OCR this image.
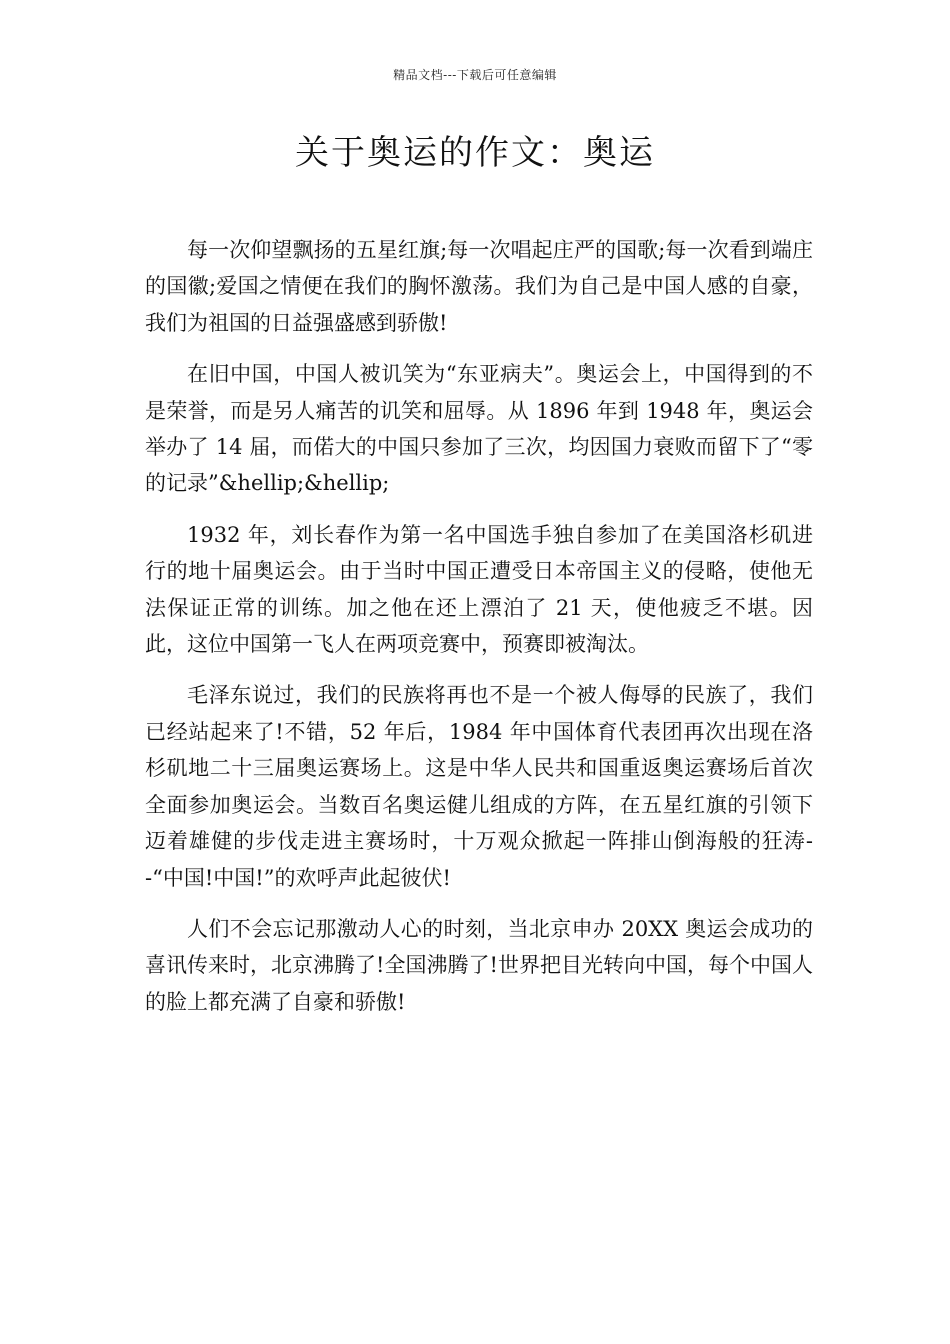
精品文档---下载后可任意编辑
关于奥运的作文：奥运

每一次仰望飘扬的五星红旗;每一次唱起庄严的国歌;每一次看到端庄的国徽;爱国之情便在我们的胸怀激荡。我们为自己是中国人感的自豪，我们为祖国的日益强盛感到骄傲!

在旧中国，中国人被讥笑为“东亚病夫”。奥运会上，中国得到的不是荣誉，而是另人痛苦的讥笑和屈辱。从 1896 年到 1948 年，奥运会举办了 14 届，而偌大的中国只参加了三次，均因国力衰败而留下了“零的记录”&hellip;&hellip;

1932 年，刘长春作为第一名中国选手独自参加了在美国洛杉矶进行的地十届奥运会。由于当时中国正遭受日本帝国主义的侵略，使他无法保证正常的训练。加之他在还上漂泊了 21 天，使他疲乏不堪。因此，这位中国第一飞人在两项竞赛中，预赛即被淘汰。

毛泽东说过，我们的民族将再也不是一个被人侮辱的民族了，我们已经站起来了!不错，52 年后，1984 年中国体育代表团再次出现在洛杉矶地二十三届奥运赛场上。这是中华人民共和国重返奥运赛场后首次全面参加奥运会。当数百名奥运健儿组成的方阵，在五星红旗的引领下迈着雄健的步伐走进主赛场时，十万观众掀起一阵排山倒海般的狂涛--“中国!中国!”的欢呼声此起彼伏!

人们不会忘记那激动人心的时刻，当北京申办 20XX 奥运会成功的喜讯传来时，北京沸腾了!全国沸腾了!世界把目光转向中国，每个中国人的脸上都充满了自豪和骄傲!
